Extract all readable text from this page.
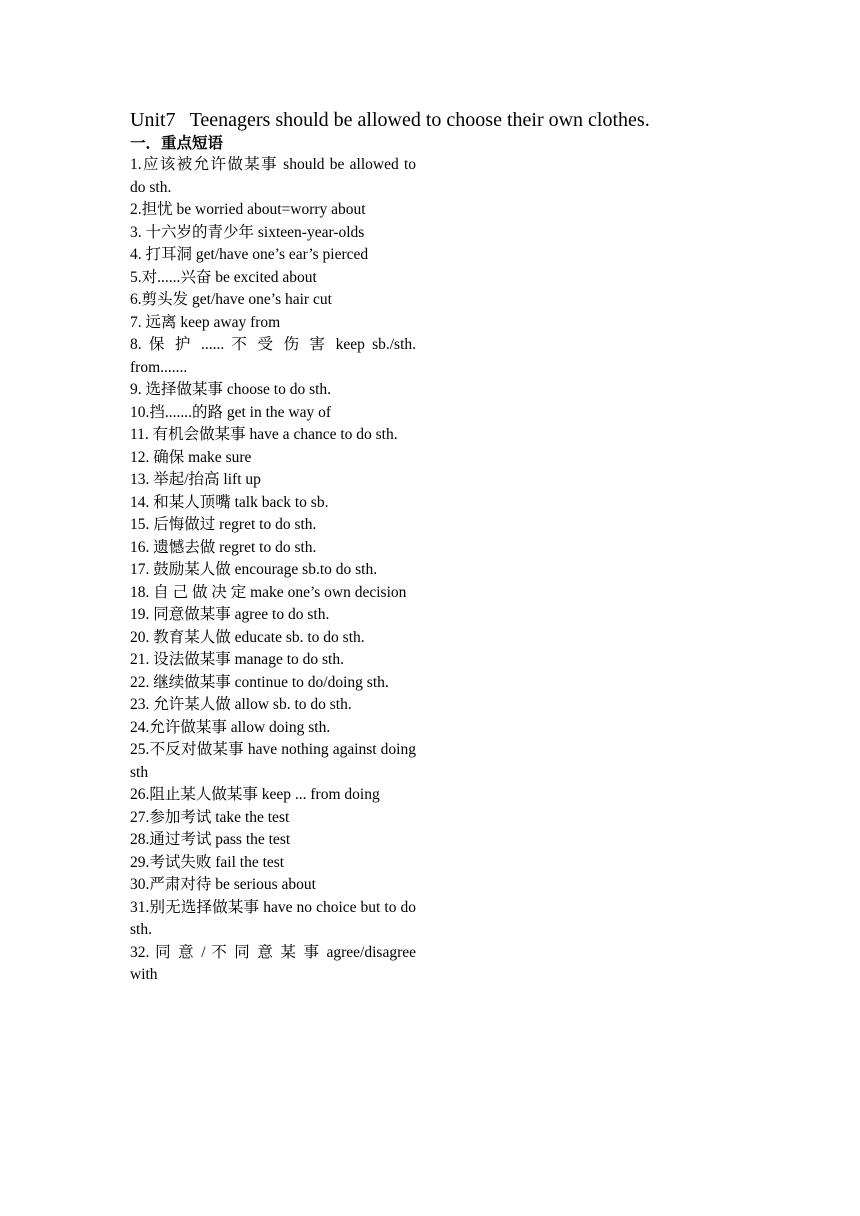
Unit7 Teenagers should be allowed to choose their own clothes.
一．重点短语
1.应该被允许做某事 should be allowed to do sth.
2.担忧 be worried about=worry about
3. 十六岁的青少年 sixteen-year-olds
4. 打耳洞 get/have one’s ear’s pierced
5.对......兴奋 be excited about
6.剪头发 get/have one’s hair cut
7. 远离 keep away from
8. 保 护 ...... 不 受 伤 害 keep sb./sth. from.......
9. 选择做某事 choose to do sth.
10.挡.......的路 get in the way of
11. 有机会做某事 have a chance to do sth.
12. 确保 make sure
13. 举起/抬高 lift up
14. 和某人顶嘴 talk back to sb.
15. 后悔做过 regret to do sth.
16. 遗憾去做 regret to do sth.
17. 鼓励某人做 encourage sb.to do sth.
18. 自 己 做 决 定 make one’s own decision
19. 同意做某事 agree to do sth.
20. 教育某人做 educate sb. to do sth.
21. 设法做某事 manage to do sth.
22. 继续做某事 continue to do/doing sth.
23. 允许某人做 allow sb. to do sth.
24.允许做某事 allow doing sth.
25.不反对做某事 have nothing against doing sth
26.阻止某人做某事 keep ... from doing
27.参加考试 take the test
28.通过考试 pass the test
29.考试失败 fail the test
30.严肃对待 be serious about
31.别无选择做某事 have no choice but to do sth.
32. 同 意 / 不 同 意 某 事 agree/disagree with
